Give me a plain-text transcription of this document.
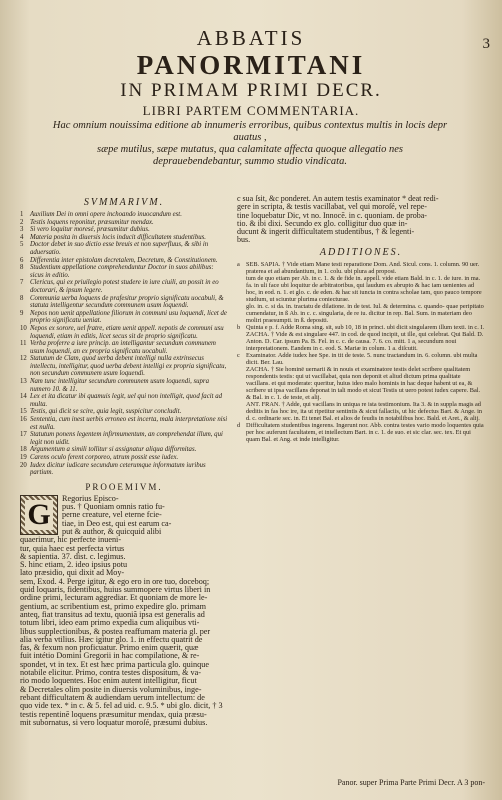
3
ABBATIS
PANORMITANI
IN PRIMAM PRIMI DECR.
LIBRI PARTEM COMMENTARIA.
Hac omnium nouissima editione ab innumeris erroribus, quibus contextus multis in locis depr auatus ,
sæpe mutilus, sæpe mutatus, qua calamitate affecta quoque allegatio nes
deprauebendebantur, summo studio vindicata.
SVMMARIVM.
1 Auxilium Dei in omni opere inchoando inuocandum est.
2 Testis loquens reponitur, præsumitur mendax.
3 Si vero loquitur moresé, præsumitur dubius.
4 Materia posita in diuersis locis inducit difficultatem studentibus.
5 Doctor debet in suo dictio esse breuis et non superfluus, & sibi in aduersatio.
6 Differentia inter epistolam decretalem, Decretum, & Constitutionem.
8 Studentium appellatione comprehenduntur Doctor in suos abilibus: sicus in editio.
7 Clericus, qui ex priuilegio potest studere in iure ciuili, an possit in eo doctorari, & ipsum legere.
8 Communia uerba loquens de prafesitur proprio significatu uocabuli, & statuta intelligentur secundum communem usum loquendi.
9 Nepos non uenit appellatione filiorum in communi usu loquendi, licet de proprio significatu ueniat.
10 Nepos ex sorore, uel fratre, etiam uenit appell. nepotis de communi usu loquendi, etiam in editis, licet secus sit de proprio significatu.
11 Verba proferre a iure princip. an intelligantur secundum communem usum loquendi, an ex propria significatu uocabuli.
12 Statutum de Clam, quod uerba debent intelligi nulla extrinsecus intellectu, intelligitur, quod uerba debent intelligi ex propria significatu, non secundum communem usum loquendi.
13 Nam tunc intelligitur secundum communem usum loquendi, supra numero 10. & 11.
14 Lex et ita dicatur ibi quamuis legit, uel qui non intelligit, quod facit ad multa.
15 Testis, qui dicit se scire, quia legit, suspicitur concludit.
16 Sententia, cum inest uerbis erroneo est incerta, mala interpretatione nisi est nulla.
17 Statutum ponens legentem infirmumentum, an comprehendat illum, qui legit non uidit.
18 Argumentum a simili tollitur si assignatur aliqua difformitas.
19 Carens oculo ferent corporeo, utrum possit esse iudex.
20 Iudex dicitur iudicare secundum ceterumque informatum iuribus partium.
PROOEMIVM.
G	Regorius Episco-
pus. † Quoniam omnis ratio fu-
perne creature, vel eterne fcie-
tiae, in Deo est, qui est earum ca-
put & author, & quicquid alibi
quaerimur, hic perfecte inueni-
tur, quia haec est perfecta virtus
& sapientia. 37. dist. c. legimus.
S. hinc etiam, 2. ideo ipsius potu
lato præsidio, qui dixit ad Moy-
sem, Exod. 4. Perge igitur, & ego ero in ore tuo, doceboq;
quid loquaris, fidentibus, huius summopere virtus liberi in
ordine primi, lecturam aggrediar. Et quoniam de more le-
gentium, ac scribentium est, primo expedire glo. primam
anteq, fiat transitus ad textu, quoniã ipsa est generalis ad
totum libri, ideo eam primo expedia cum aliquibus vti-
libus supplectionibus, & postea reaffumam materia gl. per
alia verba vtilius. Hæc igitur glo. 1. in effectu quatrit de
fas, & fexum non proficuatur. Primo enim quærit, quæ
fuit intétio Domini Gregorii in hac compilatione, & re-
spondet, vt in tex. Et est hæc prima particula glo. quinque
notabile elicitur. Primo, contra testes disposítum, & va-
rio modo loquentes. Hoc enim autent intelligitur, ficut
& Decretales olim posite in diuersis voluminibus, inge-
rebant difficultatem & audiendam uerum intellectum: de
quo vide tex. * in c. & 5. fel ad uid. c. 9.5. * ubi glo. dicit, † 3
testis repentinē loquens præsumitur mendax, quia præsu-
mit subornatus, si vero loquatur moroſé, præsumi dubius.
c sua ſsit, &c ponderet. An autem testis examinator * deat redi-
gere in scripta, & testis vacillabat, vel qui moroſé, vel repe-
tine loquebatur Dic, vt no. Innocē. in c. quoniam. de proba-
tio. & ibi dixi. Secundo ex glo. colligitur duo quæ in-
ducunt & ingerit difficultatem studentibus, † & legenti-
bus.
ADDITIONES.
a SEB. SAPIA. † Vide etiam Mane testi reparatione Dom. And. Sicul. cons. 1. column. 90 uer. praterea et ad abundantium, in 1. colu. ubi plura ad proposi.
tum de quo etiam per Ab. in c. 1. & de fide in. appell. vide etiam Bald. in c. 1. de iure. in ma. fa. in uli face ubi loquitur de arbitratoribus, qui laudum ex abrupto & hac iam uenientes ad hoc, in eod. n. 1. et glo. c. de eden. & hac sit iuncta in contra scholae tam, quo pauco tempore studium, ut sciuntur plurima coniecturae.
glo. in. c. si da. in. tractatu de dilatione. in de test. Iul. & determina. c. quando- quae peripitato cumendatur, in ß Ab. in c. c. singularia, de re iu. dicitur in rep. Bal. Sum. in materiam deo moliri praesumpti. in ß. depositi.
b Quinta e p. f. Adde Roma sing. sit, sub 10, 18 in princi. ubi dicit singularem illum texti. in c. I.
ZACHA. † Vide & est singulare 447. in cod. de quod incipit, ut ille, qui celebrat. Qui Bald. D. Anton. D. Car. ipsum Pa. B. Fel. in c. c. de causa. 7. 6. co. mitt. 1 a, secundum noui interpretationem. Eandem in c. eod. S. Mariæ in colum. 1 a. diſcutit.
c Examinator. Adde iudex hee Spe. in tit de teste. 5. nunc tractandum in. 6. column. ubi multa dicit. Ber. Lau.
ZACHA. † Sie hominē uernarii & in nouis et examinatore testis delet scribere qualitatem respondentis testis: qui ut vacillabat, quia non deponit et aliud dictum prima qualitate vacillans. et qui moderate: queritur, huius ideo malo hominis in hac deque habent ut ea, & scribere ut ipsa vacillans deponat in tali modo et sicut Testis ut uero potest iudex capere. Bal. & Bal. in c. 1. de teste, et alij.
ANT. FRAN. † Adde, qui vacillans in uniqua re ista testimonium. Ita 3. & in suppla magis ad deditis in fas hoc ire, ita ut ripetitur sentintis & sicut fallaciis, ut hic defectus Bart. & Ange. in d. c. ordinarie sec. in. Et tenet Bal. et alios de feudis in notabilibus hoc. Bald. et Aret., & alij.
d Difficultatem studentibus ingerens. Ingerunt nor. Abb. contra testes vario modo loquentes quia per hoc auferunt facultatem, et intellectum Bart. in c. 1. de suo. et sic clar. sec. tex. Et qui quam Bal. et Ang. et inde intelligitur.
Panor. super Prima Parte Primi Decr. A 3 pon-
